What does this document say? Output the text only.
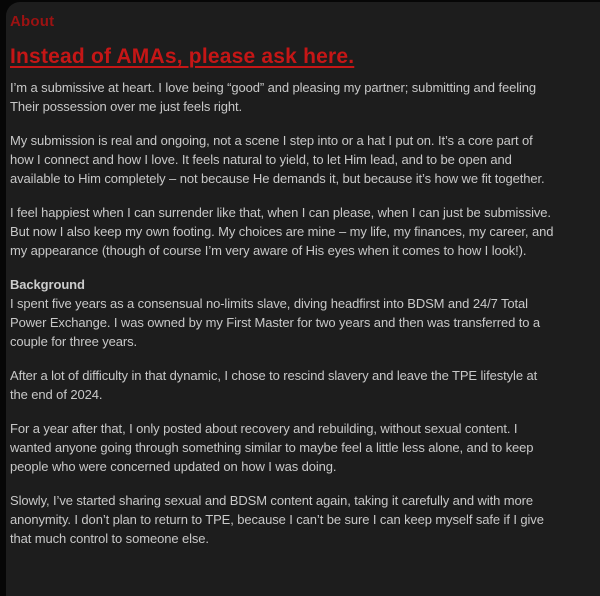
About
Instead of AMAs, please ask here.

I’m a submissive at heart. I love being “good” and pleasing my partner; submitting and feeling Their possession over me just feels right.

My submission is real and ongoing, not a scene I step into or a hat I put on. It’s a core part of how I connect and how I love. It feels natural to yield, to let Him lead, and to be open and available to Him completely – not because He demands it, but because it’s how we fit together.

I feel happiest when I can surrender like that, when I can please, when I can just be submissive. But now I also keep my own footing. My choices are mine – my life, my finances, my career, and my appearance (though of course I’m very aware of His eyes when it comes to how I look!).

Background
I spent five years as a consensual no-limits slave, diving headfirst into BDSM and 24/7 Total Power Exchange. I was owned by my First Master for two years and then was transferred to a couple for three years.

After a lot of difficulty in that dynamic, I chose to rescind slavery and leave the TPE lifestyle at the end of 2024.

For a year after that, I only posted about recovery and rebuilding, without sexual content. I wanted anyone going through something similar to maybe feel a little less alone, and to keep people who were concerned updated on how I was doing.

Slowly, I’ve started sharing sexual and BDSM content again, taking it carefully and with more anonymity. I don’t plan to return to TPE, because I can’t be sure I can keep myself safe if I give that much control to someone else.
